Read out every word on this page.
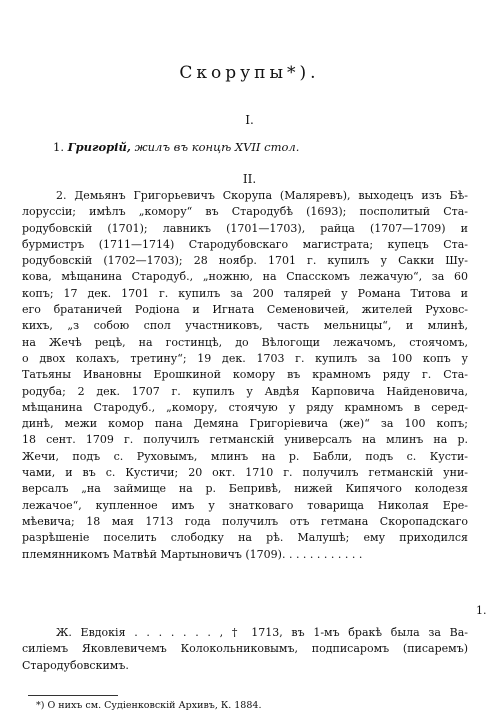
Скорупы*).
I.
1. Григорій, жилъ въ концѣ XVII стол.
II.
2. Демьянъ Григорьевичъ Скорупа (Маляревъ), выходецъ изъ Бѣ-
лоруссіи; имѣлъ „комору“ въ Стародубѣ (1693); посполитый Ста-
родубовскій (1701); лавникъ (1701—1703), райца (1707—1709) и
бурмистръ (1711—1714) Стародубовскаго магистрата; купецъ Ста-
родубовскій (1702—1703); 28 ноябр. 1701 г. купилъ у Сакки Шу-
кова, мѣщанина Стародуб., „ножню, на Спасскомъ лежачую“, за 60
копъ; 17 дек. 1701 г. купилъ за 200 талярей у Романа Титова и
его братаничей Родіона и Игната Семеновичей, жителей Руховс-
кихъ, „з собою спол участниковъ, часть мельницы“, и млинѣ,
на Жечѣ рецѣ, на гостинцѣ, до Вѣлогощи лежачомъ, стоячомъ,
о двох колахъ, третину“; 19 дек. 1703 г. купилъ за 100 копъ у
Татьяны Ивановны Ерошкиной комору въ крамномъ ряду г. Ста-
родуба; 2 дек. 1707 г. купилъ у Авдѣя Карповича Найденовича,
мѣщанина Стародуб., „комору, стоячую у ряду крамномъ в серед-
динѣ, межи комор пана Демяна Григорiевича (же)“ за 100 копъ;
18 сент. 1709 г. получилъ гетманскій универсалъ на млинъ на р.
Жечи, подъ с. Руховымъ, млинъ на р. Бабли, подъ с. Кусти-
чами, и въ с. Кустичи; 20 окт. 1710 г. получилъ гетманскій уни-
версалъ „на займище на р. Бепривѣ, нижей Кипячого колодезя
лежачое“, купленное имъ у знатковаго товарища Николая Ере-
мѣевича; 18 мая 1713 года получилъ отъ гетмана Скоропадскаго
разрѣшеніе поселить слободку на рѣ. Малушѣ; ему приходился
племянникомъ Матвѣй Мартыновичъ (1709). . . . . . . . . . . .
1.
Ж. Евдокія . . . . . . . , † 1713, въ 1-мъ бракѣ была за Ва-
силіемъ Яковлевичемъ Колокольниковымъ, подписаромъ (писаремъ)
Стародубовскимъ.
*) О нихъ см. Судіенковскій Архивъ, К. 1884.
